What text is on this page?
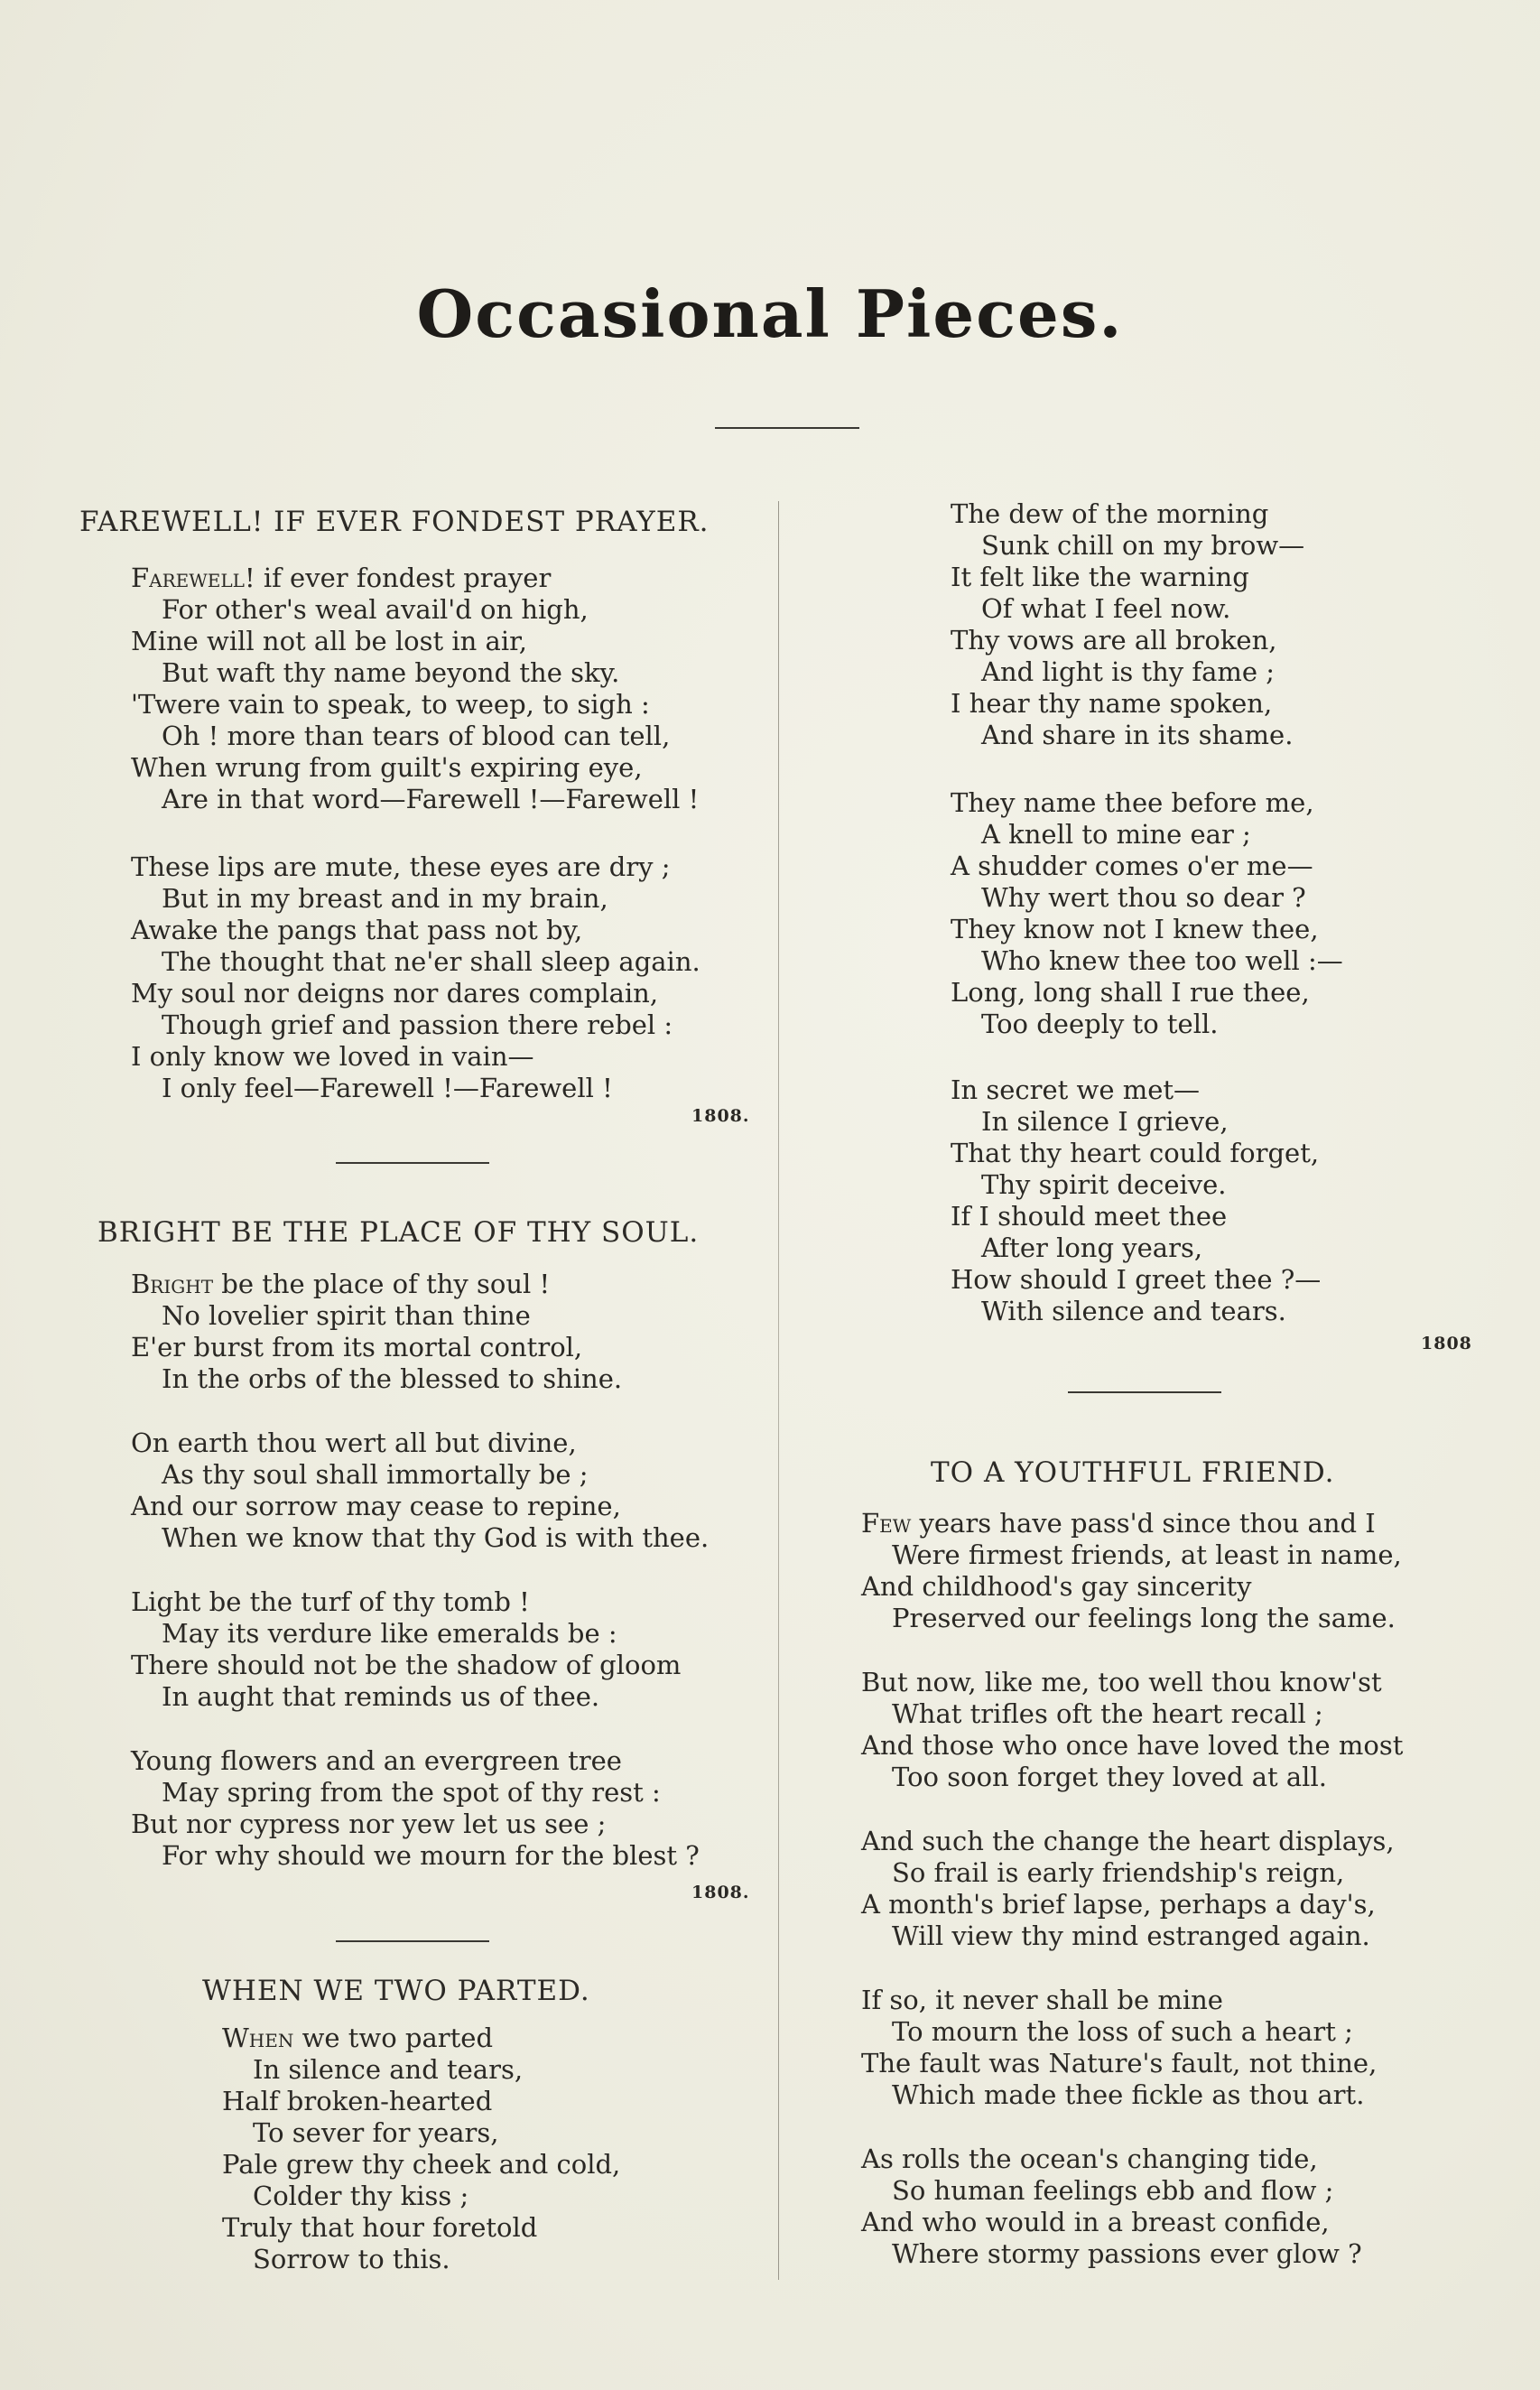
Occasional Pieces.
FAREWELL! IF EVER FONDEST PRAYER.
Farewell! if ever fondest prayer
For other's weal avail'd on high,
Mine will not all be lost in air,
But waft thy name beyond the sky.
'Twere vain to speak, to weep, to sigh :
Oh ! more than tears of blood can tell,
When wrung from guilt's expiring eye,
Are in that word—Farewell !—Farewell !
These lips are mute, these eyes are dry ;
But in my breast and in my brain,
Awake the pangs that pass not by,
The thought that ne'er shall sleep again.
My soul nor deigns nor dares complain,
Though grief and passion there rebel :
I only know we loved in vain—
I only feel—Farewell !—Farewell !
1808.
BRIGHT BE THE PLACE OF THY SOUL.
Bright be the place of thy soul !
No lovelier spirit than thine
E'er burst from its mortal control,
In the orbs of the blessed to shine.
On earth thou wert all but divine,
As thy soul shall immortally be ;
And our sorrow may cease to repine,
When we know that thy God is with thee.
Light be the turf of thy tomb !
May its verdure like emeralds be :
There should not be the shadow of gloom
In aught that reminds us of thee.
Young flowers and an evergreen tree
May spring from the spot of thy rest :
But nor cypress nor yew let us see ;
For why should we mourn for the blest ?
1808.
WHEN WE TWO PARTED.
When we two parted
In silence and tears,
Half broken-hearted
To sever for years,
Pale grew thy cheek and cold,
Colder thy kiss ;
Truly that hour foretold
Sorrow to this.
The dew of the morning
Sunk chill on my brow—
It felt like the warning
Of what I feel now.
Thy vows are all broken,
And light is thy fame ;
I hear thy name spoken,
And share in its shame.
They name thee before me,
A knell to mine ear ;
A shudder comes o'er me—
Why wert thou so dear ?
They know not I knew thee,
Who knew thee too well :—
Long, long shall I rue thee,
Too deeply to tell.
In secret we met—
In silence I grieve,
That thy heart could forget,
Thy spirit deceive.
If I should meet thee
After long years,
How should I greet thee ?—
With silence and tears.
1808
TO A YOUTHFUL FRIEND.
Few years have pass'd since thou and I
Were firmest friends, at least in name,
And childhood's gay sincerity
Preserved our feelings long the same.
But now, like me, too well thou know'st
What trifles oft the heart recall ;
And those who once have loved the most
Too soon forget they loved at all.
And such the change the heart displays,
So frail is early friendship's reign,
A month's brief lapse, perhaps a day's,
Will view thy mind estranged again.
If so, it never shall be mine
To mourn the loss of such a heart ;
The fault was Nature's fault, not thine,
Which made thee fickle as thou art.
As rolls the ocean's changing tide,
So human feelings ebb and flow ;
And who would in a breast confide,
Where stormy passions ever glow ?
